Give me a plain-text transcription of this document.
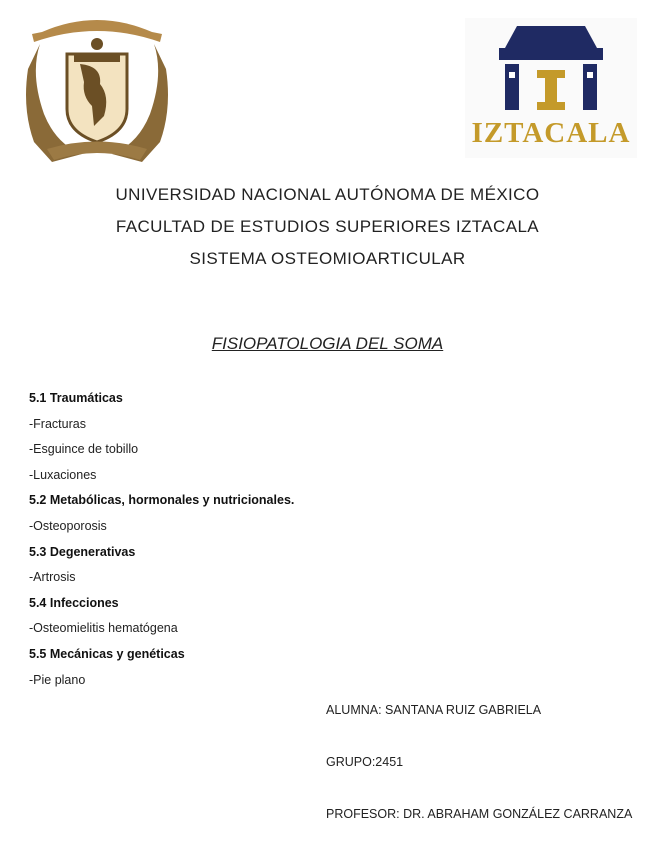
IZTACALA
UNIVERSIDAD NACIONAL AUTÓNOMA DE MÉXICO
FACULTAD DE ESTUDIOS SUPERIORES IZTACALA
SISTEMA OSTEOMIOARTICULAR
FISIOPATOLOGIA DEL SOMA
5.1 Traumáticas
-Fracturas
-Esguince de tobillo
-Luxaciones
5.2 Metabólicas, hormonales y nutricionales.
-Osteoporosis
5.3 Degenerativas
-Artrosis
5.4 Infecciones
-Osteomielitis hematógena
5.5 Mecánicas y genéticas
-Pie plano
ALUMNA: SANTANA RUIZ GABRIELA
GRUPO:2451
PROFESOR: DR. ABRAHAM GONZÁLEZ CARRANZA
